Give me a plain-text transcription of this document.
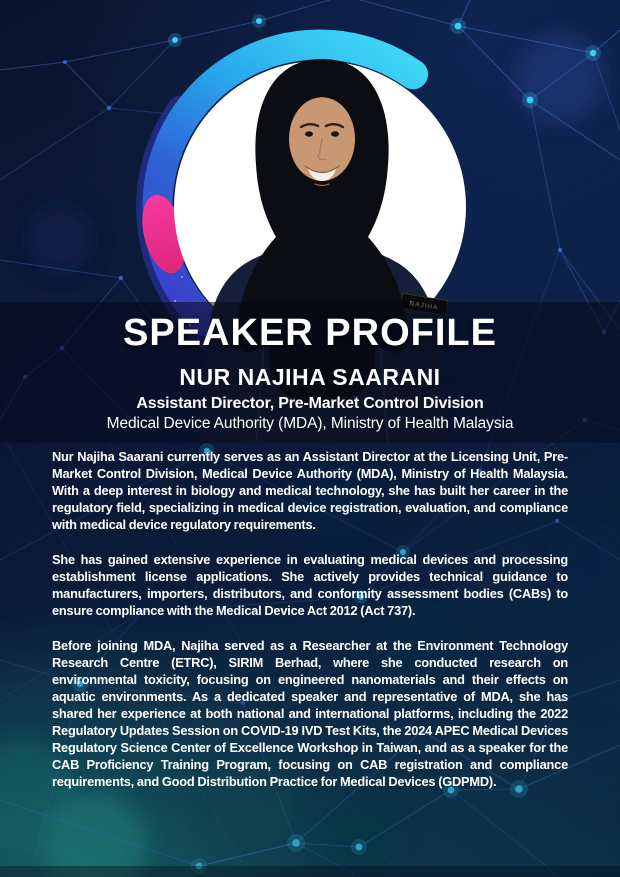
SPEAKER PROFILE
NUR NAJIHA SAARANI
Assistant Director, Pre-Market Control Division
Medical Device Authority (MDA), Ministry of Health Malaysia

Nur Najiha Saarani currently serves as an Assistant Director at the Licensing Unit, Pre-Market Control Division, Medical Device Authority (MDA), Ministry of Health Malaysia. With a deep interest in biology and medical technology, she has built her career in the regulatory field, specializing in medical device registration, evaluation, and compliance with medical device regulatory requirements.

She has gained extensive experience in evaluating medical devices and processing establishment license applications. She actively provides technical guidance to manufacturers, importers, distributors, and conformity assessment bodies (CABs) to ensure compliance with the Medical Device Act 2012 (Act 737).

Before joining MDA, Najiha served as a Researcher at the Environment Technology Research Centre (ETRC), SIRIM Berhad, where she conducted research on environmental toxicity, focusing on engineered nanomaterials and their effects on aquatic environments. As a dedicated speaker and representative of MDA, she has shared her experience at both national and international platforms, including the 2022 Regulatory Updates Session on COVID-19 IVD Test Kits, the 2024 APEC Medical Devices Regulatory Science Center of Excellence Workshop in Taiwan, and as a speaker for the CAB Proficiency Training Program, focusing on CAB registration and compliance requirements, and Good Distribution Practice for Medical Devices (GDPMD).
